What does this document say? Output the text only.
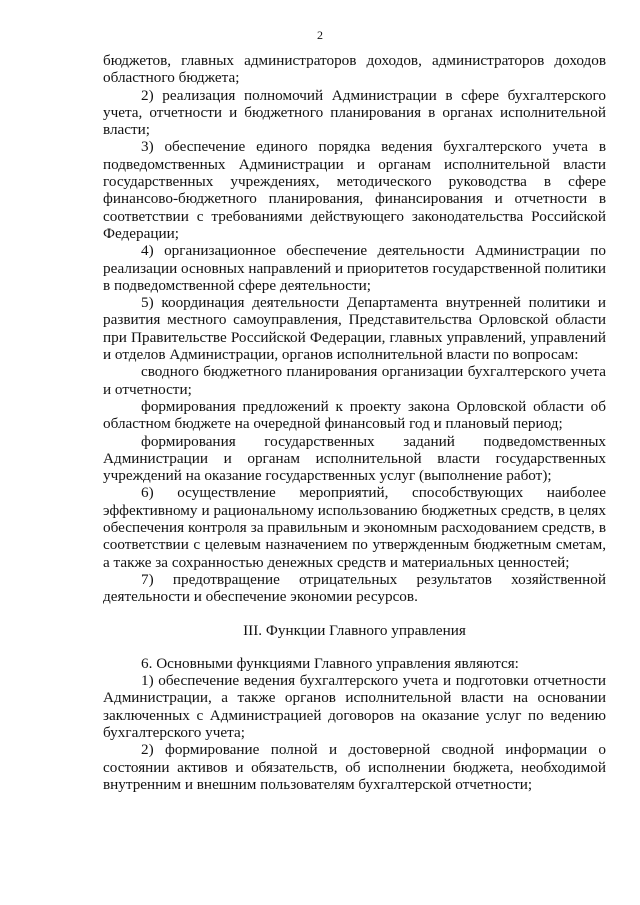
2

бюджетов, главных администраторов доходов, администраторов доходов областного бюджета;

2) реализация полномочий Администрации в сфере бухгалтерского учета, отчетности и бюджетного планирования в органах исполнительной власти;

3) обеспечение единого порядка ведения бухгалтерского учета в подведомственных Администрации и органам исполнительной власти государственных учреждениях, методического руководства в сфере финансово-бюджетного планирования, финансирования и отчетности в соответствии с требованиями действующего законодательства Российской Федерации;

4) организационное обеспечение деятельности Администрации по реализации основных направлений и приоритетов государственной политики в подведомственной сфере деятельности;

5) координация деятельности Департамента внутренней политики и развития местного самоуправления, Представительства Орловской области при Правительстве Российской Федерации, главных управлений, управлений и отделов Администрации, органов исполнительной власти по вопросам:

сводного бюджетного планирования организации бухгалтерского учета и отчетности;

формирования предложений к проекту закона Орловской области об областном бюджете на очередной финансовый год и плановый период;

формирования государственных заданий подведомственных Администрации и органам исполнительной власти государственных учреждений на оказание государственных услуг (выполнение работ);

6) осуществление мероприятий, способствующих наиболее эффективному и рациональному использованию бюджетных средств, в целях обеспечения контроля за правильным и экономным расходованием средств, в соответствии с целевым назначением по утвержденным бюджетным сметам, а также за сохранностью денежных средств и материальных ценностей;

7) предотвращение отрицательных результатов хозяйственной деятельности и обеспечение экономии ресурсов.

III. Функции Главного управления

6. Основными функциями Главного управления являются:

1) обеспечение ведения бухгалтерского учета и подготовки отчетности Администрации, а также органов исполнительной власти на основании заключенных с Администрацией договоров на оказание услуг по ведению бухгалтерского учета;

2) формирование полной и достоверной сводной информации о состоянии активов и обязательств, об исполнении бюджета, необходимой внутренним и внешним пользователям бухгалтерской отчетности;
